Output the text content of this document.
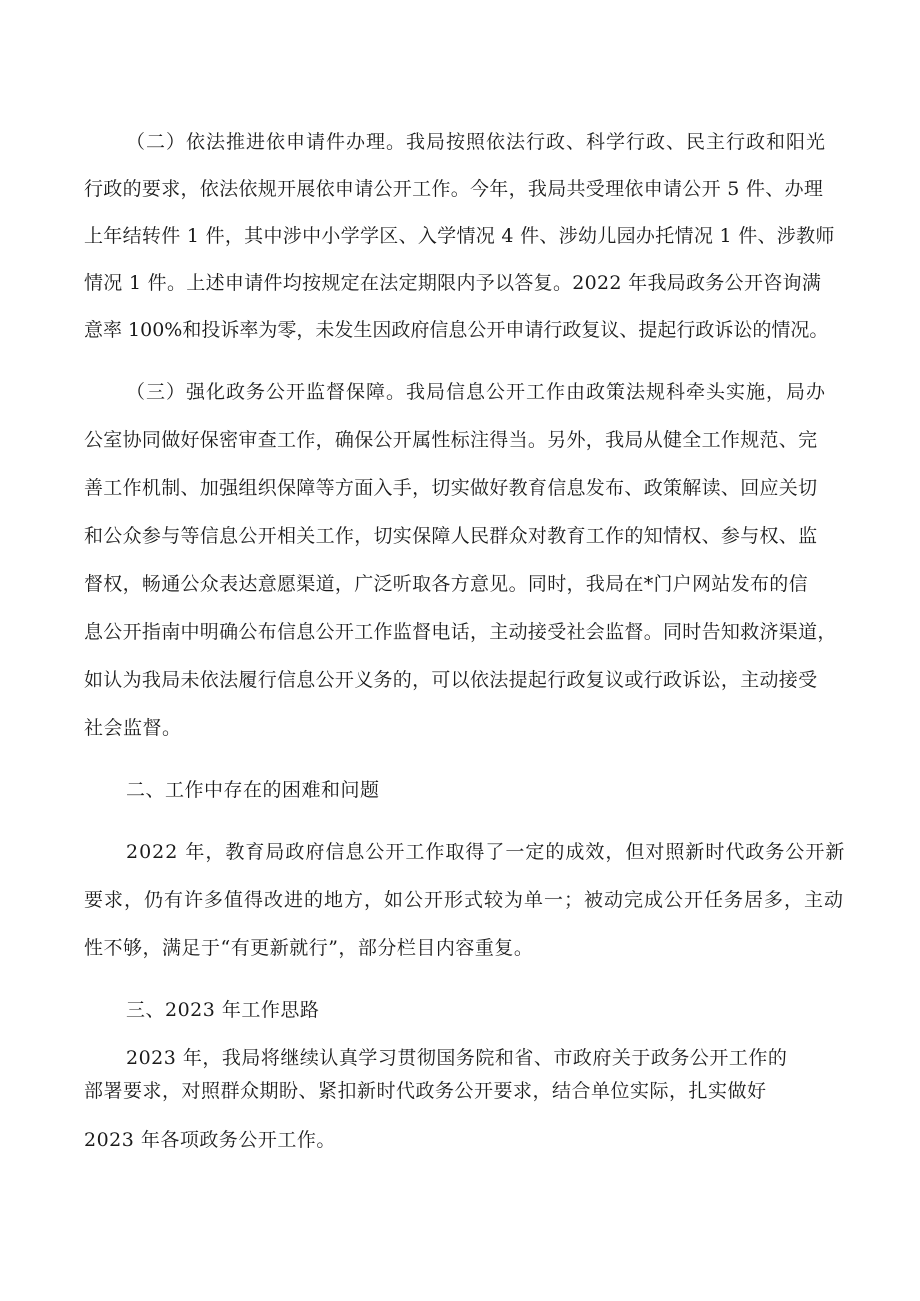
（二）依法推进依申请件办理。我局按照依法行政、科学行政、民主行政和阳光
行政的要求，依法依规开展依申请公开工作。今年，我局共受理依申请公开 5 件、办理
上年结转件 1 件，其中涉中小学学区、入学情况 4 件、涉幼儿园办托情况 1 件、涉教师
情况 1 件。上述申请件均按规定在法定期限内予以答复。2022 年我局政务公开咨询满
意率 100%和投诉率为零，未发生因政府信息公开申请行政复议、提起行政诉讼的情况。
（三）强化政务公开监督保障。我局信息公开工作由政策法规科牵头实施，局办
公室协同做好保密审查工作，确保公开属性标注得当。另外，我局从健全工作规范、完
善工作机制、加强组织保障等方面入手，切实做好教育信息发布、政策解读、回应关切
和公众参与等信息公开相关工作，切实保障人民群众对教育工作的知情权、参与权、监
督权，畅通公众表达意愿渠道，广泛听取各方意见。同时，我局在*门户网站发布的信
息公开指南中明确公布信息公开工作监督电话，主动接受社会监督。同时告知救济渠道，
如认为我局未依法履行信息公开义务的，可以依法提起行政复议或行政诉讼，主动接受
社会监督。
二、工作中存在的困难和问题
2022 年，教育局政府信息公开工作取得了一定的成效，但对照新时代政务公开新
要求，仍有许多值得改进的地方，如公开形式较为单一；被动完成公开任务居多，主动
性不够，满足于“有更新就行”，部分栏目内容重复。
三、2023 年工作思路
2023 年，我局将继续认真学习贯彻国务院和省、市政府关于政务公开工作的
部署要求，对照群众期盼、紧扣新时代政务公开要求，结合单位实际，扎实做好
2023 年各项政务公开工作。
